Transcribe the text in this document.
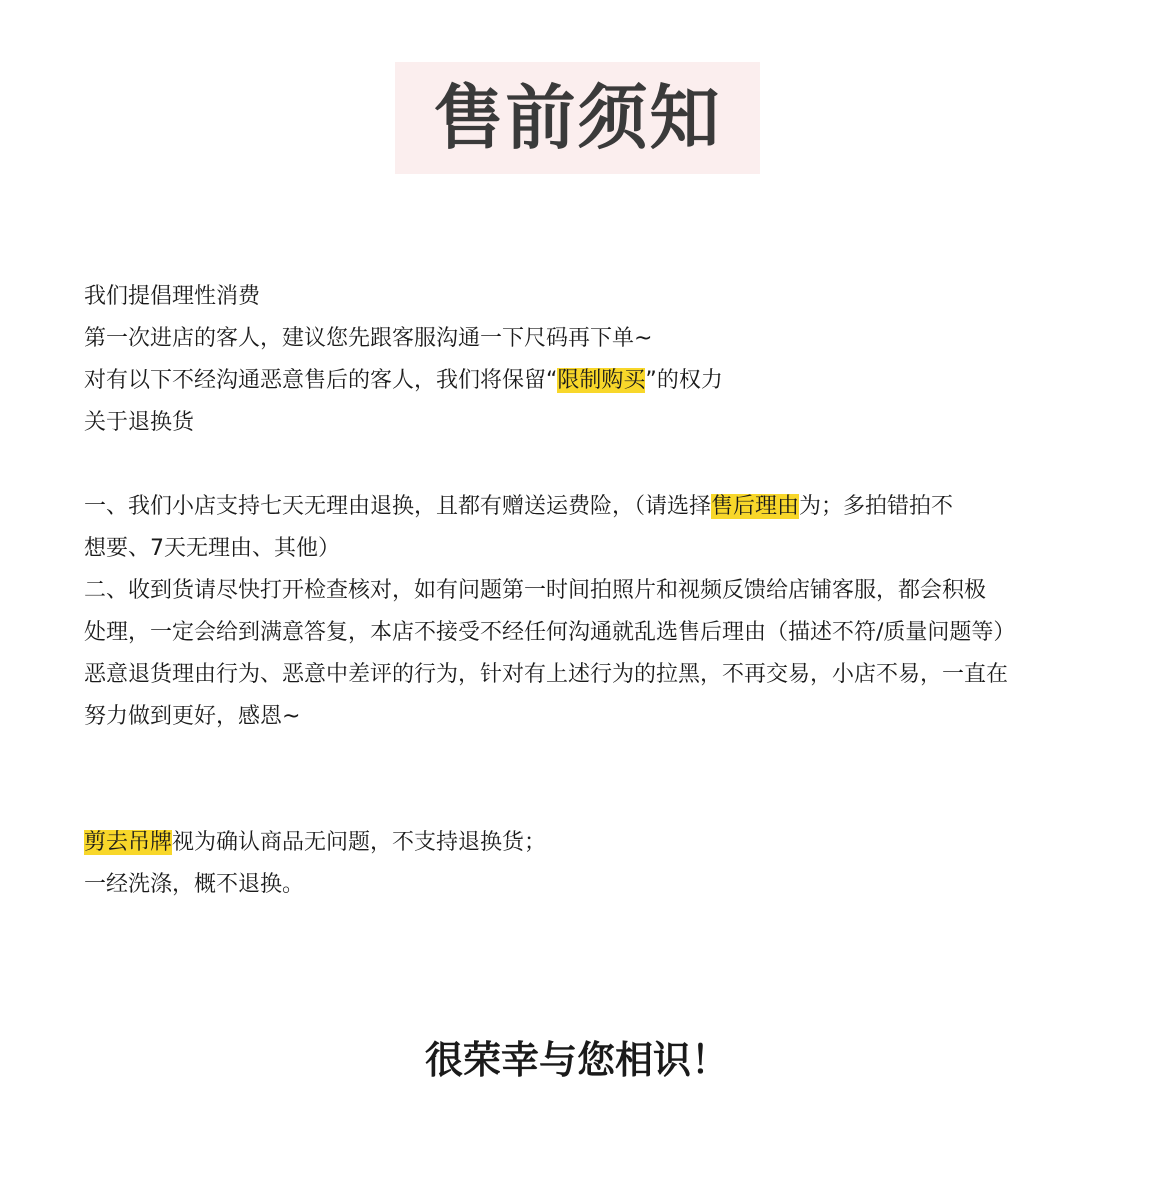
售前须知
我们提倡理性消费
第一次进店的客人，建议您先跟客服沟通一下尺码再下单~
对有以下不经沟通恶意售后的客人，我们将保留“限制购买”的权力
关于退换货
一、我们小店支持七天无理由退换，且都有赠送运费险，（请选择售后理由为；多拍错拍不
想要、7天无理由、其他）
二、收到货请尽快打开检查核对，如有问题第一时间拍照片和视频反馈给店铺客服，都会积极
处理，一定会给到满意答复，本店不接受不经任何沟通就乱选售后理由（描述不符/质量问题等）
恶意退货理由行为、恶意中差评的行为，针对有上述行为的拉黑，不再交易，小店不易，一直在
努力做到更好，感恩~
剪去吊牌视为确认商品无问题，不支持退换货；
一经洗涤，概不退换。
很荣幸与您相识！
